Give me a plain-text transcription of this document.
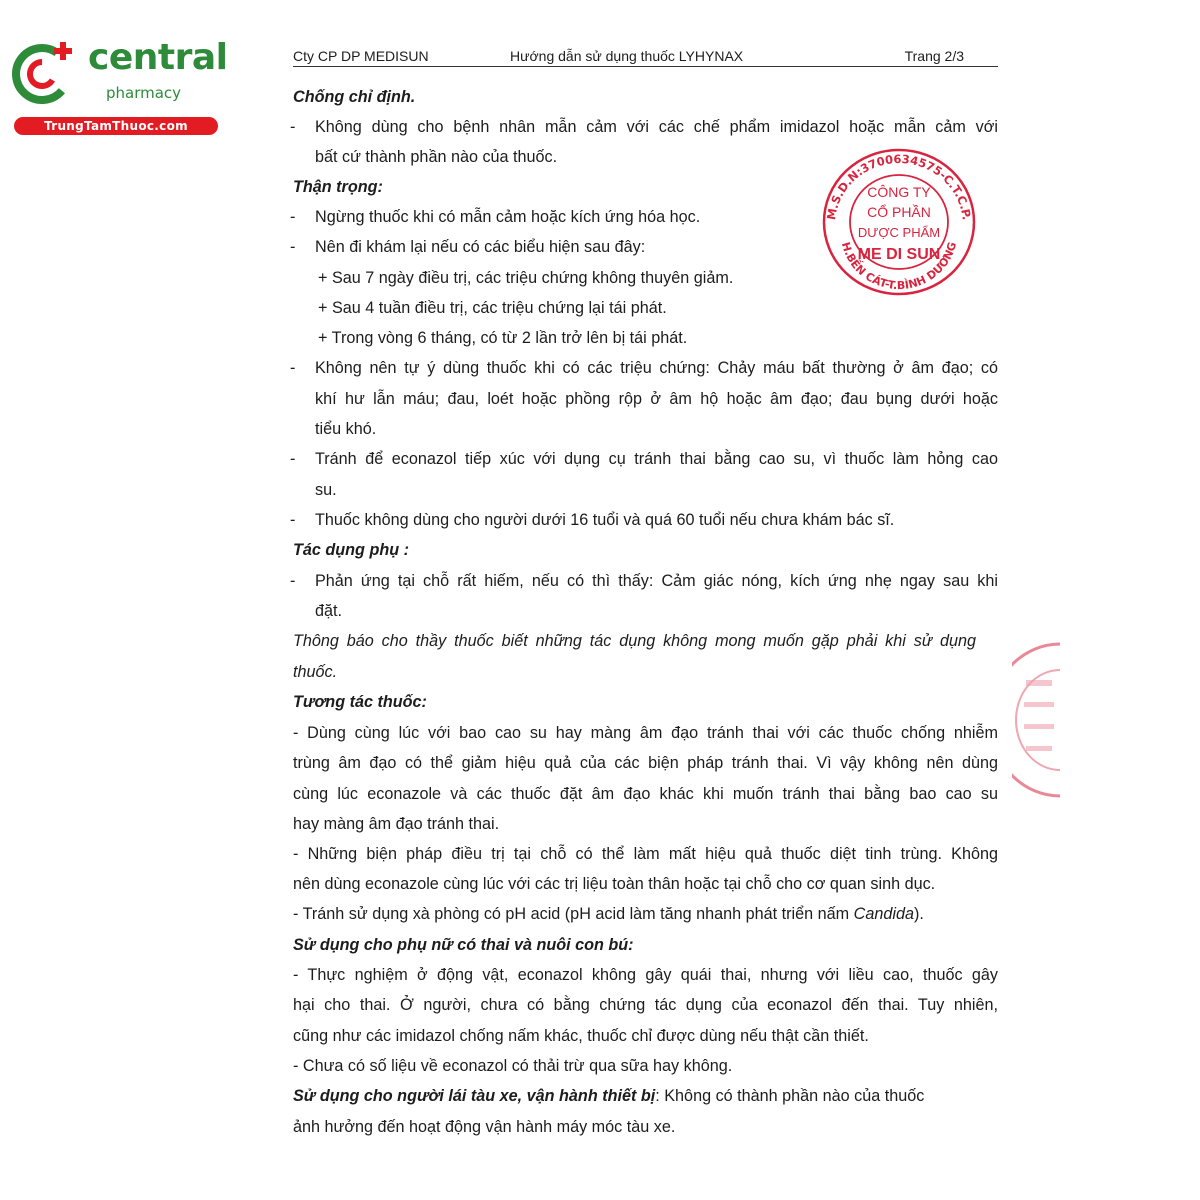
central
pharmacy
TrungTamThuoc.com
Cty CP DP MEDISUN	Hướng dẫn sử dụng thuốc LYHYNAX	Trang 2/3
M.S.D.N:3700634575-C.T.C.P.
H.BẾN CÁT-T.BÌNH DƯƠNG
CÔNG TY
CỔ PHẦN
DƯỢC PHẨM
ME DI SUN
Chống chỉ định.
- Không dùng cho bệnh nhân mẫn cảm với các chế phẩm imidazol hoặc mẫn cảm với
bất cứ thành phần nào của thuốc.
Thận trọng:
- Ngừng thuốc khi có mẫn cảm hoặc kích ứng hóa học.
- Nên đi khám lại nếu có các biểu hiện sau đây:
+ Sau 7 ngày điều trị, các triệu chứng không thuyên giảm.
+ Sau 4 tuần điều trị, các triệu chứng lại tái phát.
+ Trong vòng 6 tháng, có từ 2 lần trở lên bị tái phát.
- Không nên tự ý dùng thuốc khi có các triệu chứng: Chảy máu bất thường ở âm đạo; có
khí hư lẫn máu; đau, loét hoặc phồng rộp ở âm hộ hoặc âm đạo; đau bụng dưới hoặc
tiểu khó.
- Tránh để econazol tiếp xúc với dụng cụ tránh thai bằng cao su, vì thuốc làm hỏng cao
su.
- Thuốc không dùng cho người dưới 16 tuổi và quá 60 tuổi nếu chưa khám bác sĩ.
Tác dụng phụ :
- Phản ứng tại chỗ rất hiếm, nếu có thì thấy: Cảm giác nóng, kích ứng nhẹ ngay sau khi
đặt.
Thông báo cho thầy thuốc biết những tác dụng không mong muốn gặp phải khi sử dụng
thuốc.
Tương tác thuốc:
- Dùng cùng lúc với bao cao su hay màng âm đạo tránh thai với các thuốc chống nhiễm
trùng âm đạo có thể giảm hiệu quả của các biện pháp tránh thai. Vì vậy không nên dùng
cùng lúc econazole và các thuốc đặt âm đạo khác khi muốn tránh thai bằng bao cao su
hay màng âm đạo tránh thai.
- Những biện pháp điều trị tại chỗ có thể làm mất hiệu quả thuốc diệt tinh trùng. Không
nên dùng econazole cùng lúc với các trị liệu toàn thân hoặc tại chỗ cho cơ quan sinh dục.
- Tránh sử dụng xà phòng có pH acid (pH acid làm tăng nhanh phát triển nấm Candida).
Sử dụng cho phụ nữ có thai và nuôi con bú:
- Thực nghiệm ở động vật, econazol không gây quái thai, nhưng với liều cao, thuốc gây
hại cho thai. Ở người, chưa có bằng chứng tác dụng của econazol đến thai. Tuy nhiên,
cũng như các imidazol chống nấm khác, thuốc chỉ được dùng nếu thật cần thiết.
- Chưa có số liệu về econazol có thải trừ qua sữa hay không.
Sử dụng cho người lái tàu xe, vận hành thiết bị: Không có thành phần nào của thuốc
ảnh hưởng đến hoạt động vận hành máy móc tàu xe.
